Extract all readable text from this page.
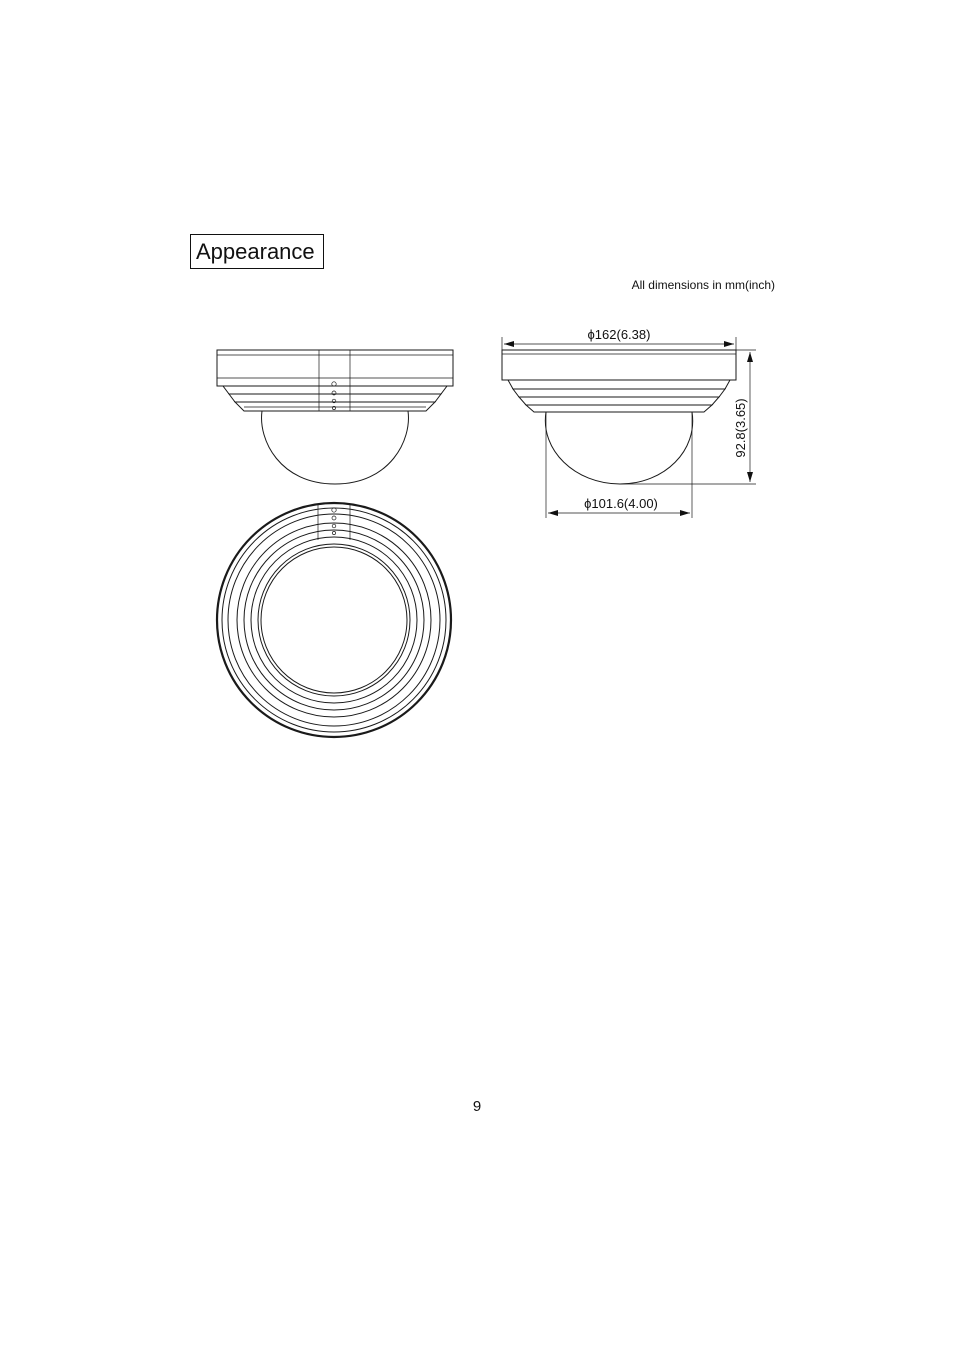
Appearance
All dimensions in mm(inch)
ϕ162(6.38)
ϕ101.6(4.00)
92.8(3.65)
9
